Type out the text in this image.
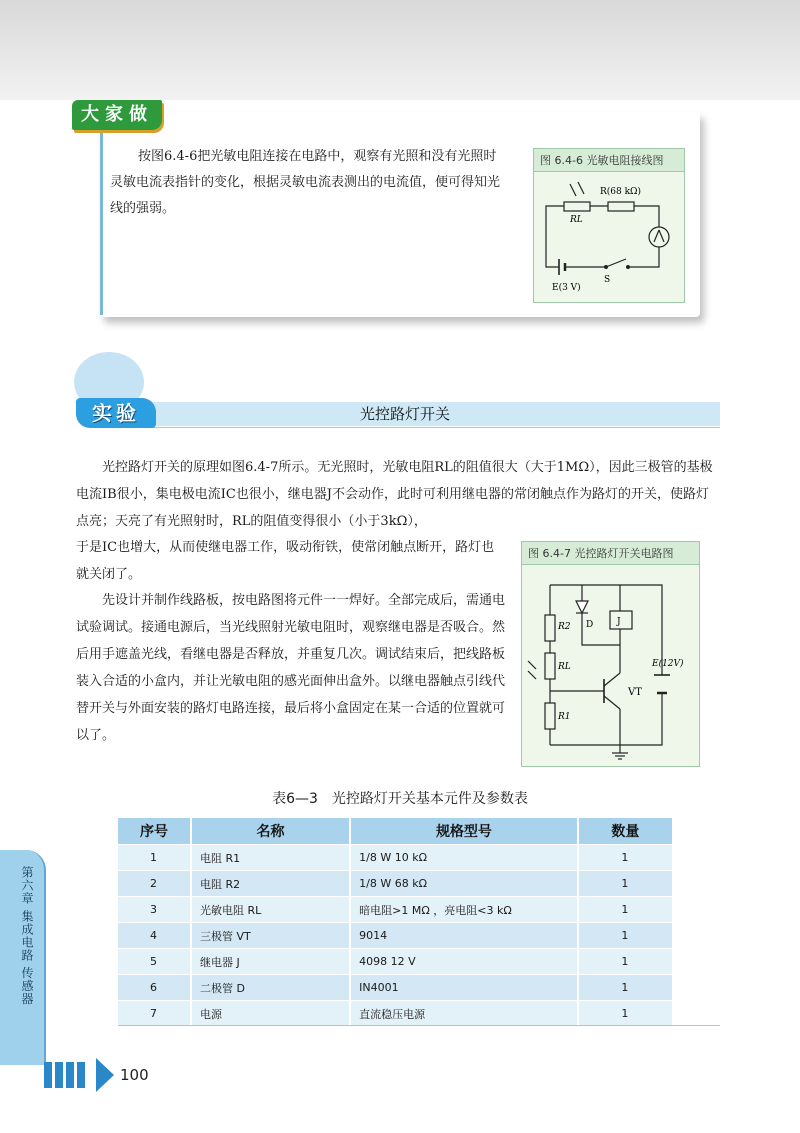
大家做
按图6.4-6把光敏电阻连接在电路中，观察有光照和没有光照时灵敏电流表指针的变化，根据灵敏电流表测出的电流值，便可得知光线的强弱。
图 6.4-6 光敏电阻接线图
R(68 kΩ)
RL
S
E(3 V)
光控路灯开关
实验
光控路灯开关的原理如图6.4-7所示。无光照时，光敏电阻RL的阻值很大（大于1MΩ），因此三极管的基极电流IB很小，集电极电流IC也很小，继电器J不会动作，此时可利用继电器的常闭触点作为路灯的开关，使路灯点亮；天亮了有光照射时，RL的阻值变得很小（小于3kΩ），
于是IC也增大，从而使继电器工作，吸动衔铁，使常闭触点断开，路灯也就关闭了。
先设计并制作线路板，按电路图将元件一一焊好。全部完成后，需通电试验调试。接通电源后，当光线照射光敏电阻时，观察继电器是否吸合。然后用手遮盖光线，看继电器是否释放，并重复几次。调试结束后，把线路板装入合适的小盒内，并让光敏电阻的感光面伸出盒外。以继电器触点引线代替开关与外面安装的路灯电路连接，最后将小盒固定在某一合适的位置就可以了。
图 6.4-7 光控路灯开关电路图
R2 D	J
RL	E(12V)
VT
R1
表6—3　光控路灯开关基本元件及参数表
序号	名称	规格型号	数量
1	电阻 R1	1/8 W 10 kΩ	1
2	电阻 R2	1/8 W 68 kΩ	1
3	光敏电阻 RL	暗电阻>1 MΩ ，亮电阻<3 kΩ	1
4	三极管 VT	9014	1
5	继电器 J	4098 12 V	1
6	二极管 D	IN4001	1
7	电源	直流稳压电源	1
第六章 集成电路 传感器
100
